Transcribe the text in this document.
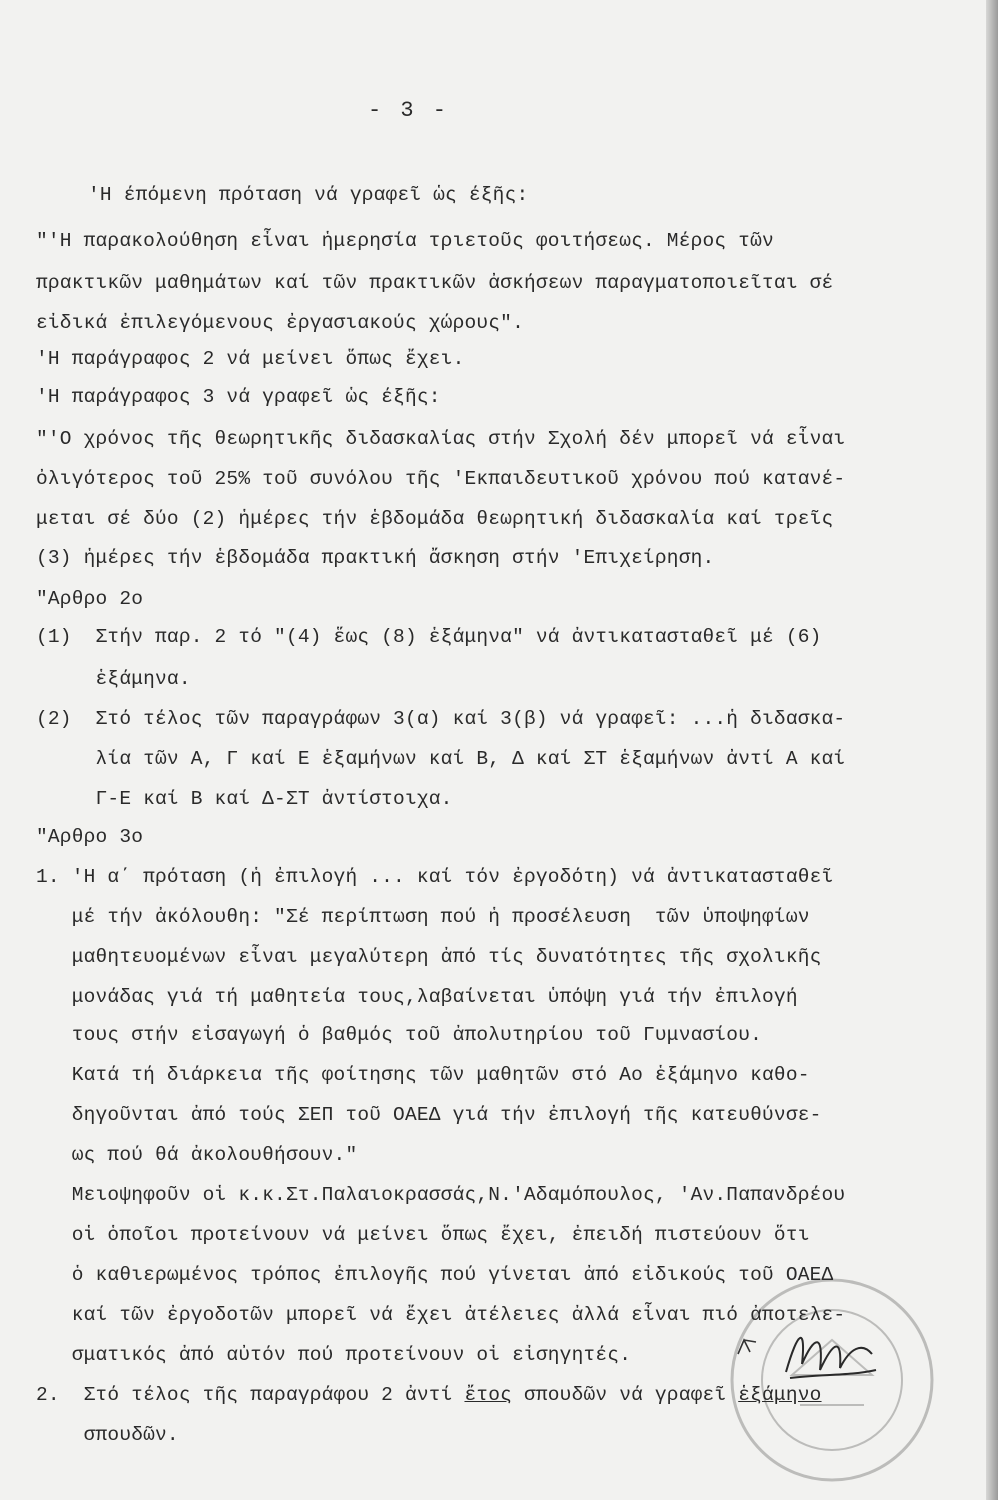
- 3 -
'Η έπόμενη πρόταση νά γραφεῖ ὡς έξῆς:
"'Η παρακολούθηση εἶναι ἡμερησία τριετοῦς φοιτήσεως. Μέρος τῶν
πρακτικῶν μαθημάτων καί τῶν πρακτικῶν ἀσκήσεων παραγματοποιεῖται σέ
εἰδικά ἐπιλεγόμενους ἐργασιακούς χώρους".
'Η παράγραφος 2 νά μείνει ὅπως ἔχει.
'Η παράγραφος 3 νά γραφεῖ ὡς έξῆς:
"'Ο χρόνος τῆς θεωρητικῆς διδασκαλίας στήν Σχολή δέν μπορεῖ νά εἶναι
ὀλιγότερος τοῦ 25% τοῦ συνόλου τῆς 'Εκπαιδευτικοῦ χρόνου πού κατανέ-
μεται σέ δύο (2) ἡμέρες τήν ἑβδομάδα θεωρητική διδασκαλία καί τρεῖς
(3) ἡμέρες τήν ἑβδομάδα πρακτική ἄσκηση στήν 'Επιχείρηση.
"Αρθρο 2ο
(1)  Στήν παρ. 2 τό "(4) ἕως (8) ἑξάμηνα" νά ἀντικατασταθεῖ μέ (6)
ἑξάμηνα.
(2)  Στό τέλος τῶν παραγράφων 3(α) καί 3(β) νά γραφεῖ: ...ἡ διδασκα-
λία τῶν Α, Γ καί Ε ἑξαμήνων καί Β, Δ καί ΣΤ ἑξαμήνων ἀντί Α καί
Γ-Ε καί Β καί Δ-ΣΤ ἀντίστοιχα.
"Αρθρο 3ο
1. 'Η α΄ πρόταση (ἡ ἐπιλογή ... καί τόν ἐργοδότη) νά ἀντικατασταθεῖ
μέ τήν ἀκόλουθη: "Σέ περίπτωση πού ἡ προσέλευση  τῶν ὑποψηφίων
μαθητευομένων εἶναι μεγαλύτερη ἀπό τίς δυνατότητες τῆς σχολικῆς
μονάδας γιά τή μαθητεία τους,λαβαίνεται ὑπόψη γιά τήν ἐπιλογή
τους στήν εἰσαγωγή ὁ βαθμός τοῦ ἀπολυτηρίου τοῦ Γυμνασίου.
Κατά τή διάρκεια τῆς φοίτησης τῶν μαθητῶν στό Αο ἑξάμηνο καθο-
δηγοῦνται ἀπό τούς ΣΕΠ τοῦ ΟΑΕΔ γιά τήν ἐπιλογή τῆς κατευθύνσε-
ως πού θά ἀκολουθήσουν."
Μειοψηφοῦν οἱ κ.κ.Στ.Παλαιοκρασσάς,Ν.'Αδαμόπουλος, 'Αν.Παπανδρέου
οἱ ὁποῖοι προτείνουν νά μείνει ὅπως ἔχει, ἐπειδή πιστεύουν ὅτι
ὁ καθιερωμένος τρόπος ἐπιλογῆς πού γίνεται ἀπό εἰδικούς τοῦ ΟΑΕΔ
καί τῶν ἐργοδοτῶν μπορεῖ νά ἔχει ἀτέλειες ἀλλά εἶναι πιό ἀποτελε-
σματικός ἀπό αὐτόν πού προτείνουν οἱ εἰσηγητές.
2.  Στό τέλος τῆς παραγράφου 2 ἀντί ἔτος σπουδῶν νά γραφεῖ ἑξάμηνο
σπουδῶν.
